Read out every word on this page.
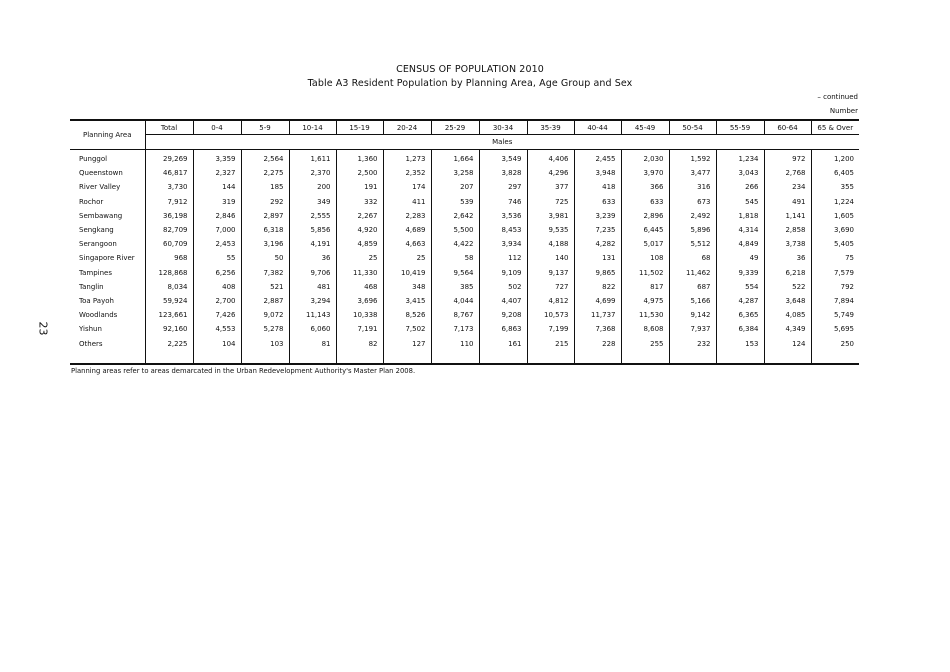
23
CENSUS OF POPULATION 2010
Table A3 Resident Population by Planning Area, Age Group and Sex
– continued
Number
Planning Area	Total	0-4	5-9	10-14	15-19	20-24	25-29	30-34	35-39	40-44	45-49	50-54	55-59	60-64	65 & Over
	Males														
Punggol	29,269	3,359	2,564	1,611	1,360	1,273	1,664	3,549	4,406	2,455	2,030	1,592	1,234	972	1,200
Queenstown	46,817	2,327	2,275	2,370	2,500	2,352	3,258	3,828	4,296	3,948	3,970	3,477	3,043	2,768	6,405
River Valley	3,730	144	185	200	191	174	207	297	377	418	366	316	266	234	355
Rochor	7,912	319	292	349	332	411	539	746	725	633	633	673	545	491	1,224
Sembawang	36,198	2,846	2,897	2,555	2,267	2,283	2,642	3,536	3,981	3,239	2,896	2,492	1,818	1,141	1,605
Sengkang	82,709	7,000	6,318	5,856	4,920	4,689	5,500	8,453	9,535	7,235	6,445	5,896	4,314	2,858	3,690
Serangoon	60,709	2,453	3,196	4,191	4,859	4,663	4,422	3,934	4,188	4,282	5,017	5,512	4,849	3,738	5,405
Singapore River	968	55	50	36	25	25	58	112	140	131	108	68	49	36	75
Tampines	128,868	6,256	7,382	9,706	11,330	10,419	9,564	9,109	9,137	9,865	11,502	11,462	9,339	6,218	7,579
Tanglin	8,034	408	521	481	468	348	385	502	727	822	817	687	554	522	792
Toa Payoh	59,924	2,700	2,887	3,294	3,696	3,415	4,044	4,407	4,812	4,699	4,975	5,166	4,287	3,648	7,894
Woodlands	123,661	7,426	9,072	11,143	10,338	8,526	8,767	9,208	10,573	11,737	11,530	9,142	6,365	4,085	5,749
Yishun	92,160	4,553	5,278	6,060	7,191	7,502	7,173	6,863	7,199	7,368	8,608	7,937	6,384	4,349	5,695
Others	2,225	104	103	81	82	127	110	161	215	228	255	232	153	124	250

Planning areas refer to areas demarcated in the Urban Redevelopment Authority's Master Plan 2008.
